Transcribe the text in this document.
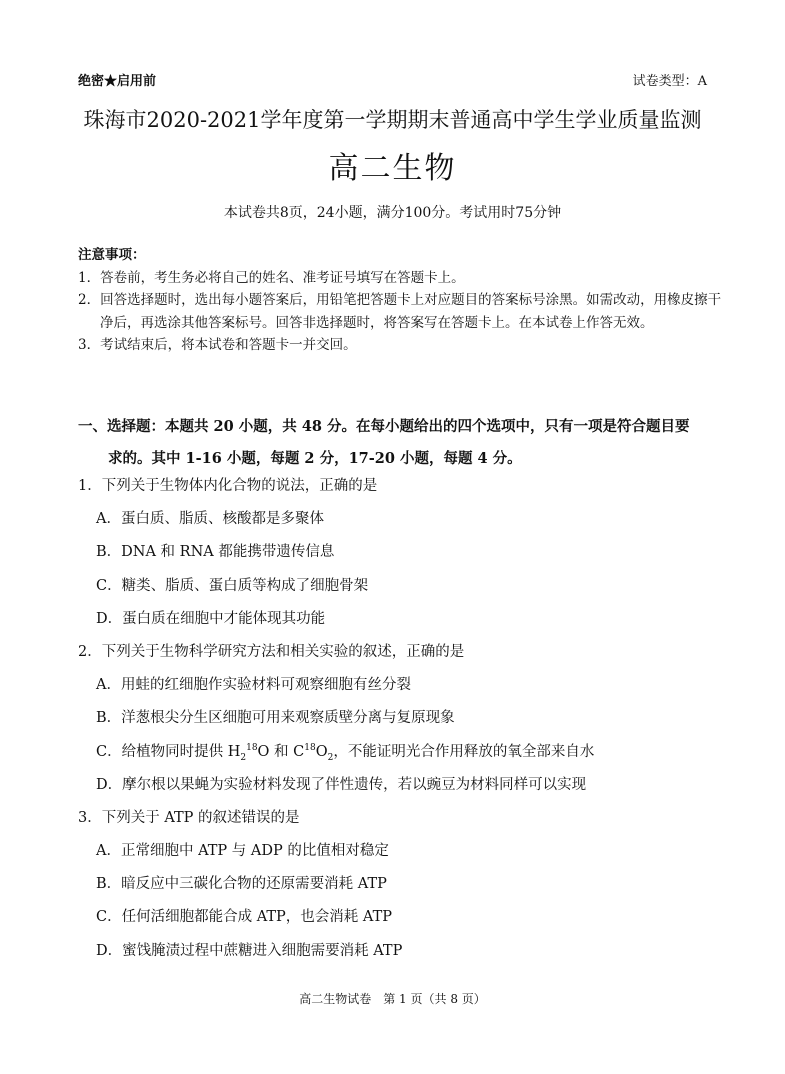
绝密★启用前	试卷类型：A
珠海市2020-2021学年度第一学期期末普通高中学生学业质量监测
高二生物
本试卷共8页，24小题，满分100分。考试用时75分钟
注意事项：
1．答卷前，考生务必将自己的姓名、准考证号填写在答题卡上。
2．回答选择题时，选出每小题答案后，用铅笔把答题卡上对应题目的答案标号涂黑。如需改动，用橡皮擦干净后，再选涂其他答案标号。回答非选择题时，将答案写在答题卡上。在本试卷上作答无效。
3．考试结束后，将本试卷和答题卡一并交回。
一、选择题：本题共 20 小题，共 48 分。在每小题给出的四个选项中，只有一项是符合题目要
求的。其中 1-16 小题，每题 2 分，17-20 小题，每题 4 分。
1．下列关于生物体内化合物的说法，正确的是
A．蛋白质、脂质、核酸都是多聚体
B．DNA 和 RNA 都能携带遗传信息
C．糖类、脂质、蛋白质等构成了细胞骨架
D．蛋白质在细胞中才能体现其功能
2．下列关于生物科学研究方法和相关实验的叙述，正确的是
A．用蛙的红细胞作实验材料可观察细胞有丝分裂
B．洋葱根尖分生区细胞可用来观察质壁分离与复原现象
C．给植物同时提供 $H_2^{18}O$ 和 $C^{18}O_2$，不能证明光合作用释放的氧全部来自水
D．摩尔根以果蝇为实验材料发现了伴性遗传，若以豌豆为材料同样可以实现
3．下列关于 ATP 的叙述错误的是
A．正常细胞中 ATP 与 ADP 的比值相对稳定
B．暗反应中三碳化合物的还原需要消耗 ATP
C．任何活细胞都能合成 ATP，也会消耗 ATP
D．蜜饯腌渍过程中蔗糖进入细胞需要消耗 ATP
高二生物试卷　第 1 页（共 8 页）
